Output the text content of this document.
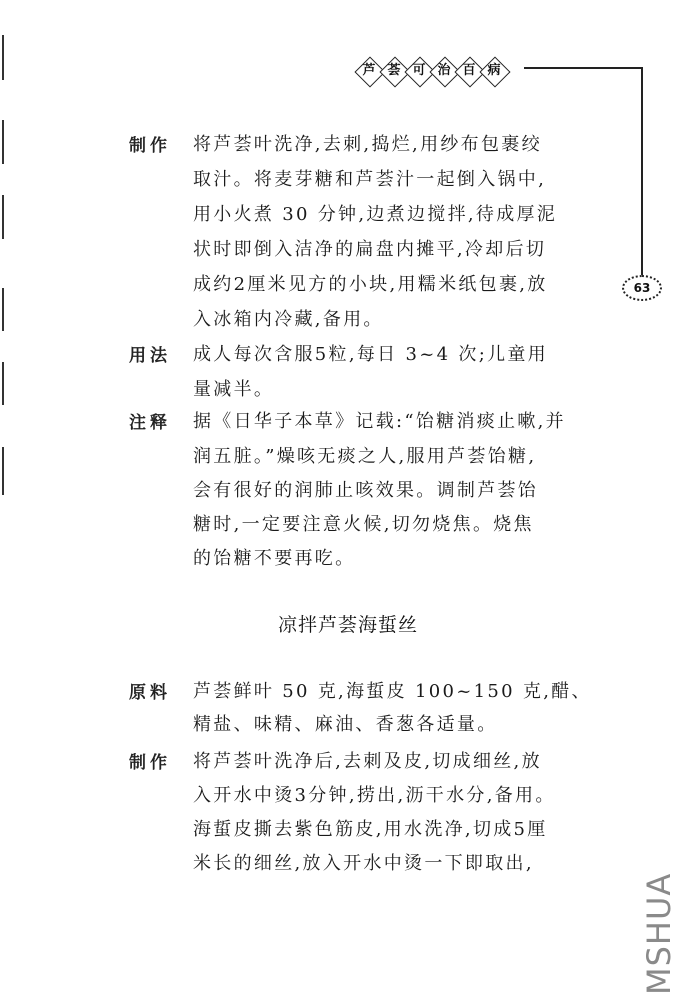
芦 荟 可 治 百 病
63
制作 将芦荟叶洗净,去刺,捣烂,用纱布包裹绞
取汁。将麦芽糖和芦荟汁一起倒入锅中,
用小火煮 30 分钟,边煮边搅拌,待成厚泥
状时即倒入洁净的扁盘内摊平,冷却后切
成约2厘米见方的小块,用糯米纸包裹,放
入冰箱内冷藏,备用。
用法 成人每次含服5粒,每日 3~4 次;儿童用
量减半。
注释 据《日华子本草》记载:“饴糖消痰止嗽,并
润五脏。”燥咳无痰之人,服用芦荟饴糖,
会有很好的润肺止咳效果。调制芦荟饴
糖时,一定要注意火候,切勿烧焦。烧焦
的饴糖不要再吃。
凉拌芦荟海蜇丝
原料 芦荟鲜叶 50 克,海蜇皮 100~150 克,醋、
精盐、味精、麻油、香葱各适量。
制作 将芦荟叶洗净后,去刺及皮,切成细丝,放
入开水中烫3分钟,捞出,沥干水分,备用。
海蜇皮撕去紫色筋皮,用水洗净,切成5厘
米长的细丝,放入开水中烫一下即取出,
MSHUA
